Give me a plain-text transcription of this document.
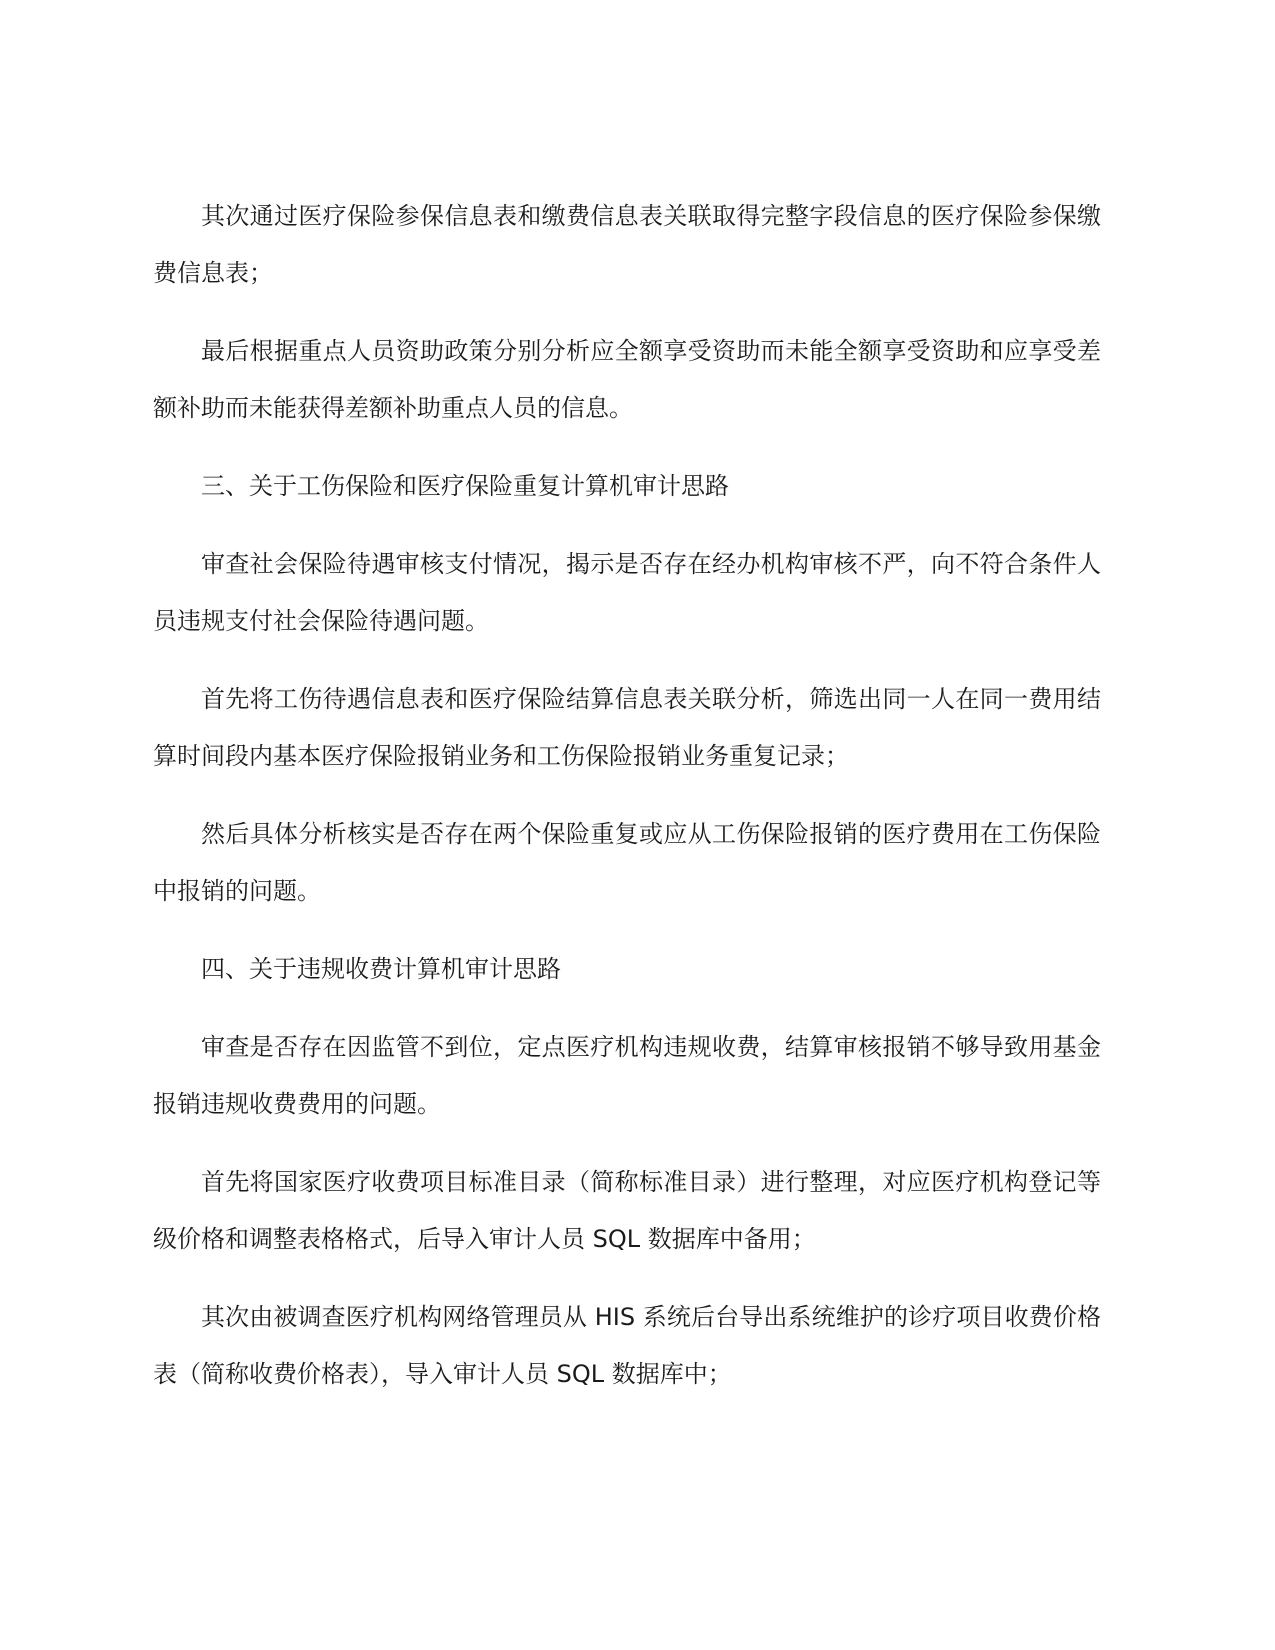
其次通过医疗保险参保信息表和缴费信息表关联取得完整字段信息的医疗保险参保缴费信息表；

最后根据重点人员资助政策分别分析应全额享受资助而未能全额享受资助和应享受差额补助而未能获得差额补助重点人员的信息。

三、关于工伤保险和医疗保险重复计算机审计思路

审查社会保险待遇审核支付情况，揭示是否存在经办机构审核不严，向不符合条件人员违规支付社会保险待遇问题。

首先将工伤待遇信息表和医疗保险结算信息表关联分析，筛选出同一人在同一费用结算时间段内基本医疗保险报销业务和工伤保险报销业务重复记录；

然后具体分析核实是否存在两个保险重复或应从工伤保险报销的医疗费用在工伤保险中报销的问题。

四、关于违规收费计算机审计思路

审查是否存在因监管不到位，定点医疗机构违规收费，结算审核报销不够导致用基金报销违规收费费用的问题。

首先将国家医疗收费项目标准目录（简称标准目录）进行整理，对应医疗机构登记等级价格和调整表格格式，后导入审计人员 SQL 数据库中备用；

其次由被调查医疗机构网络管理员从 HIS 系统后台导出系统维护的诊疗项目收费价格表（简称收费价格表），导入审计人员 SQL 数据库中；
